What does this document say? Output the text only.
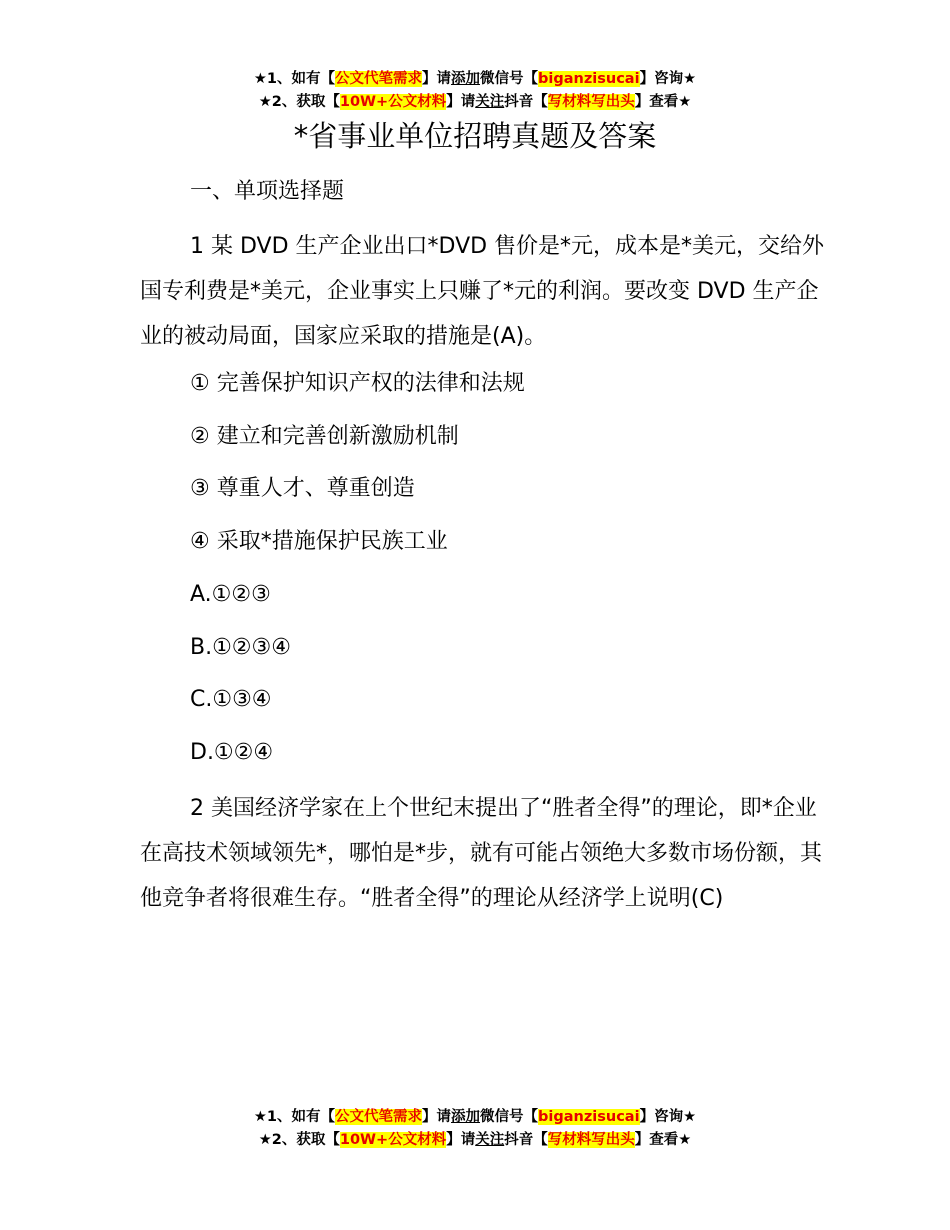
★1、如有【公文代笔需求】请添加微信号【biganzisucai】咨询★
★2、获取【10W+公文材料】请关注抖音【写材料写出头】查看★
*省事业单位招聘真题及答案
一、单项选择题

1 某 DVD 生产企业出口*DVD 售价是*元，成本是*美元，交给外国专利费是*美元，企业事实上只赚了*元的利润。要改变 DVD 生产企业的被动局面，国家应采取的措施是(A)。

① 完善保护知识产权的法律和法规
② 建立和完善创新激励机制
③ 尊重人才、尊重创造
④ 采取*措施保护民族工业
A.①②③
B.①②③④
C.①③④
D.①②④

2 美国经济学家在上个世纪末提出了“胜者全得”的理论，即*企业在高技术领域领先*，哪怕是*步，就有可能占领绝大多数市场份额，其他竞争者将很难生存。“胜者全得”的理论从经济学上说明(C)

★1、如有【公文代笔需求】请添加微信号【biganzisucai】咨询★
★2、获取【10W+公文材料】请关注抖音【写材料写出头】查看★
